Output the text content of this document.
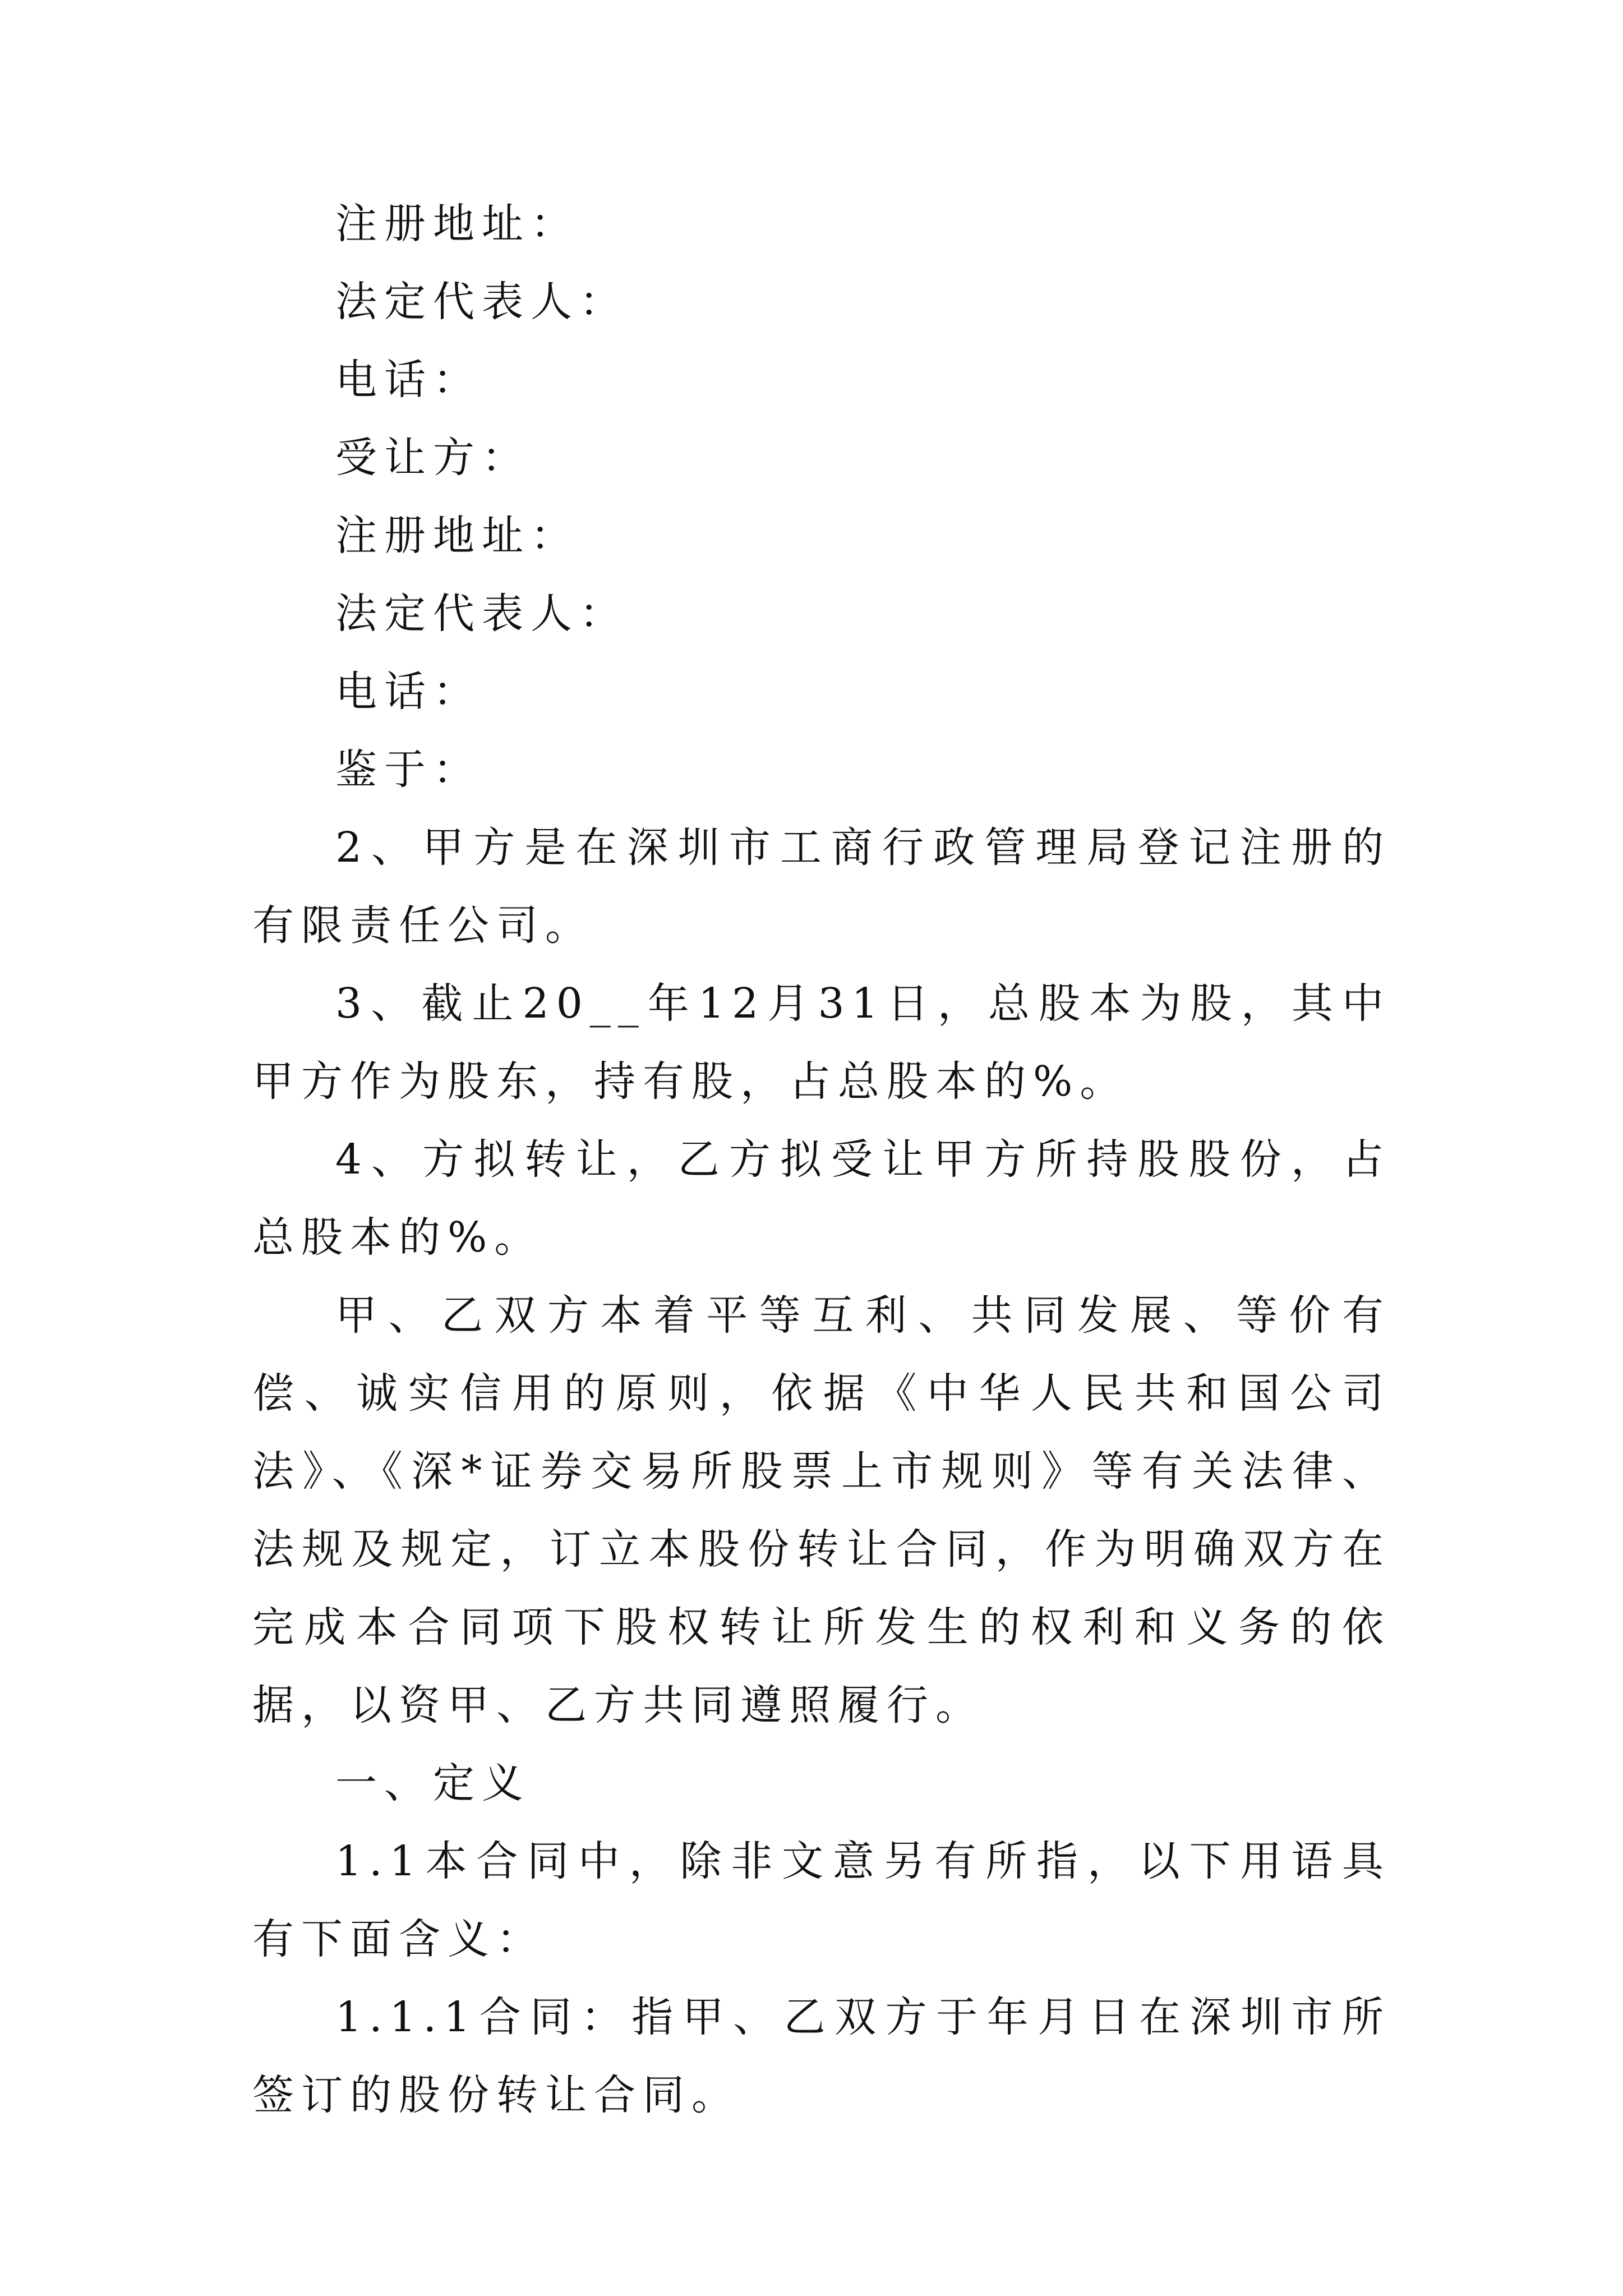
注册地址：

法定代表人：

电话：

受让方：

注册地址：

法定代表人：

电话：

鉴于：

2、甲方是在深圳市工商行政管理局登记注册的有限责任公司。

3、截止20__年12月31日，总股本为股，其中甲方作为股东，持有股，占总股本的%。

4、方拟转让，乙方拟受让甲方所持股股份，占总股本的%。

甲、乙双方本着平等互利、共同发展、等价有偿、诚实信用的原则，依据《中华人民共和国公司法》、《深*证券交易所股票上市规则》等有关法律、法规及规定，订立本股份转让合同，作为明确双方在完成本合同项下股权转让所发生的权利和义务的依据，以资甲、乙方共同遵照履行。

一、定义

1.1本合同中，除非文意另有所指，以下用语具有下面含义：

1.1.1合同：指甲、乙双方于年月日在深圳市所签订的股份转让合同。
